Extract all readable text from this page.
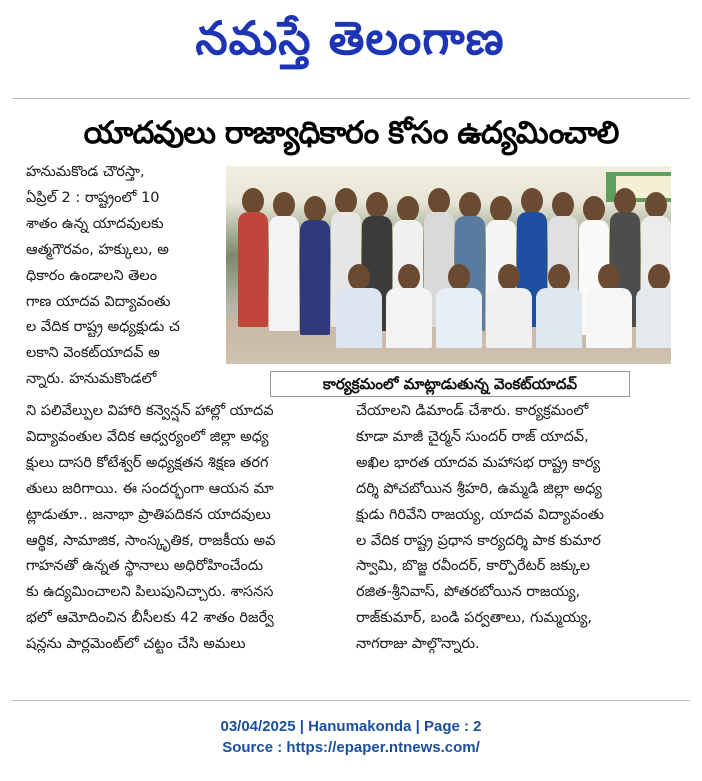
నమస్తే తెలంగాణ
యాదవులు రాజ్యాధికారం కోసం ఉద్యమించాలి
హనుమకొండ చౌరస్తా,
ఏప్రిల్ 2 : రాష్ట్రంలో 10
శాతం ఉన్న యాదవులకు
ఆత్మగౌరవం, హక్కులు, అ
ధికారం ఉండాలని తెలం
గాణ యాదవ విద్యావంతు
ల వేదిక రాష్ట్ర అధ్యక్షుడు చ
లకాని వెంకట్‌యాదవ్ అ
న్నారు. హనుమకొండలో	కార్యక్రమంలో మాట్లాడుతున్న వెంకట్‌యాదవ్
ని పలివేల్పుల విహారి కన్వెన్షన్ హాల్లో యాదవ
విద్యావంతుల వేదిక ఆధ్వర్యంలో జిల్లా అధ్య
క్షులు దాసరి కోటేశ్వర్ అధ్యక్షతన శిక్షణ తరగ
తులు జరిగాయి. ఈ సందర్భంగా ఆయన మా
ట్లాడుతూ.. జనాభా ప్రాతిపదికన యాదవులు
ఆర్థిక, సామాజిక, సాంస్కృతిక, రాజకీయ అవ
గాహనతో ఉన్నత స్థానాలు అధిరోహించేందు
కు ఉద్యమించాలని పిలుపునిచ్చారు. శాసనస
భలో ఆమోదించిన బీసీలకు 42 శాతం రిజర్వే
షన్లను పార్లమెంట్‌లో చట్టం చేసి అమలు
చేయాలని డిమాండ్ చేశారు. కార్యక్రమంలో
కూడా మాజీ చైర్మన్ సుందర్ రాజ్ యాదవ్,
అఖిల భారత యాదవ మహాసభ రాష్ట్ర కార్య
దర్శి పోచబోయిన శ్రీహరి, ఉమ్మడి జిల్లా అధ్య
క్షుడు గిరివేని రాజయ్య, యాదవ విద్యావంతు
ల వేదిక రాష్ట్ర ప్రధాన కార్యదర్శి పాక కుమార
స్వామి, బొజ్జ రవీందర్, కార్పొరేటర్ జక్కుల
రజిత-శ్రీనివాస్, పోతరబోయిన రాజయ్య,
రాజ్‌కుమార్, బండి పర్వతాలు, గుమ్మయ్య,
నాగరాజు పాల్గొన్నారు.
03/04/2025 | Hanumakonda | Page : 2
Source : https://epaper.ntnews.com/
